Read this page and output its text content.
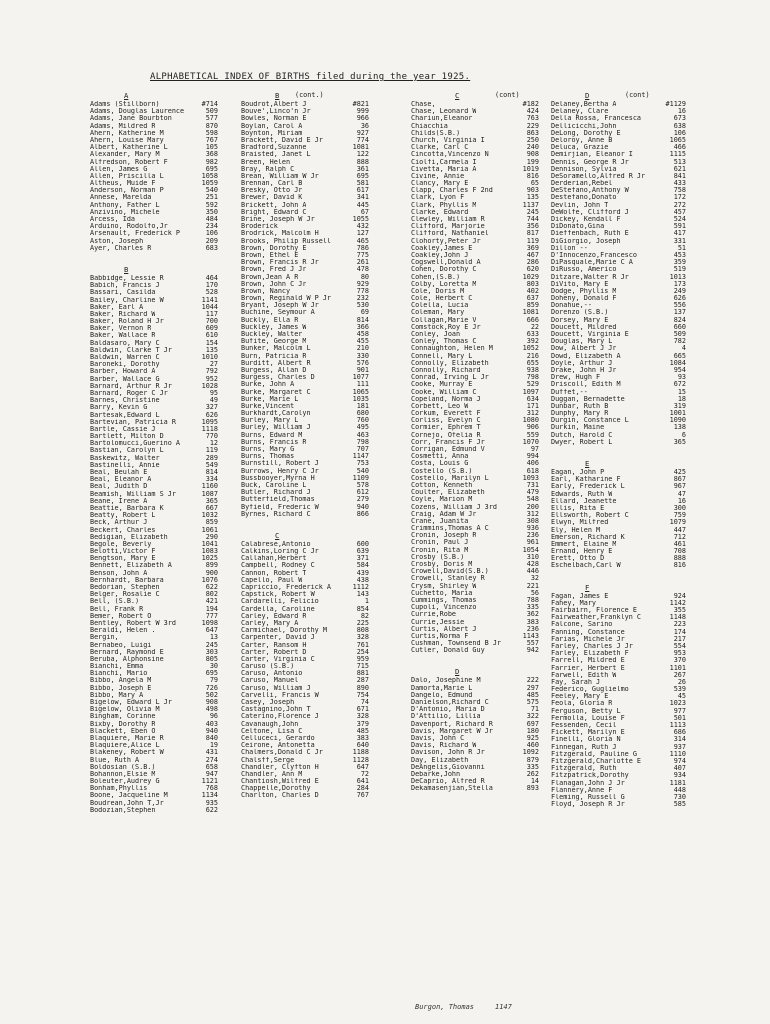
ALPHABETICAL INDEX OF BIRTHS filed during the year 1925.
A
Adams (Stillborn)	#714
Adams, Douglas Laurence	509
Adams, Jane Bourbton	577
Adams, Mildred R	870
Ahern, Katherine M	598
Ahern, Louise Mary	767
Albert, Katherine L	105
Alexander, Mary M	368
Alfredson, Robert F	982
Allen, James G	695
Allen, Priscilla L	1058
Altheus, Muide F	1059
Anderson, Norman P	540
Annese, Marelda	251
Anthony, Father L	592
Anzivino, Michele	350
Arcess, Ida	484
Arduino, Rodolfo,Jr	234
Arsenault, Frederick P	106
Aston, Joseph	209
Ayer, Charles R	683
B
Babbidge, Lessie R	464
Babich, Francis J	170
Bassari, Casilda	528
Bailey, Charline W	1141
Baker, Earl A	1044
Baker, Richard W	117
Baker, Roland H Jr	700
Baker, Vernon R	609
Baker, Wallace R	610
Baldasaro, Mary C	154
Baldwin, Clarke T Jr	135
Baldwin, Warren C	1010
Baroneki, Dorothy	27
Barber, Howard A	792
Barber, Wallace G	952
Barnard, Arthur R Jr	1028
Barnard, Roger C Jr	95
Barnes, Christine	49
Barry, Kevin G	327
Bartesak,Edward L	626
Bartevian, Patricia R	1095
Bartle, Cassie J	1118
Bartlett, Milton D	770
Bartolomucci,Guerino A	12
Bastian, Carolyn L	119
Baskewitz, Walter	289
Bastinelli, Annie	549
Beal, Beulah E	814
Beal, Eleanor A	334
Beal, Judith D	1160
Beamish, William S Jr	1087
Beane, Irene A	365
Beattie, Barbara K	667
Beatty, Robert L	1032
Beck, Arthur J	859
Beckert, Charles	1061
Bedigian, Elizabeth	290
Begole, Beverly	1041
Belotti,Victor F	1083
Bengtson, Mary E	1025
Bennett, Elizabeth A	899
Benson, John A	900
Bernhardt, Barbara	1076
Bedorian, Stephen	622
Belger, Rosalie C	802
Bell, (S.B.)	421
Bell, Frank R	194
Bemer, Robert O	777
Bentley, Robert W 3rd	1098
Beraldi, Helen .	647
Bergin,	13
Bernabeo, Luigi	245
Bernard, Raymond E	303
Beruba, Alphonsine	805
Bianchi, Emma	30
Bianchi, Mario	695
Bibbo, Angela M	79
Bibbo, Joseph E	726
Bibbo, Mary A	502
Bigelow, Edward L Jr	908
Bigelow, Olivia M	498
Bingham, Corinne	96
Bixby, Dorothy R	403
Blackett, Eben O	940
Blaquiere, Marie R	840
Blaquiere,Alice L	19
Blakeney, Robert W	431
Blue, Ruth A	274
Boldosian (S.B.)	658
Bohannon,Elsie M	947
Boleuter,Audrey G	1121
Bonham,Phyllis	768
Boone, Jacqueline M	1134
Boudrean,John T,Jr	935
Bodozian,Stephen	622
B (cont.)
Boudrot,Albert J	#821
Bouve',Linco'n Jr	999
Bowles, Norman E	966
Boylan, Carol A	36
Boynton, Miriam	927
Brackett, David E Jr	774
Bradford,Suzanne	1081
Braisted, Janet L	122
Breen, Helen	888
Bray, Ralph C	361
Brean, William W Jr	695
Brennan, Carl B	581
Bresky, Otto Jr	617
Brewer, David K	341
Brickett, John A	445
Bright, Edward C	67
Brine, Joseph W Jr	1055
Broderick	432
Brodrick, Malcolm H	127
Brooks, Philip Russell	465
Brown, Dorothy E	786
Brown, Ethel E	775
Brown, Francis R Jr	261
Brown, Fred J Jr	478
Brown,Jean A R	80
Brown, John C Jr	929
Brown, Nancy	778
Brown, Reginald W P Jr	232
Bryant, Joseph W Jr	530
Buchine, Seymour A	69
Buckly, Ella R	814
Buckley, James W	366
Buckley, Walter	458
Bufite, George M	455
Bunker, Malcolm L	210
Burn, Patricia R	330
Burditt, Albert R	576
Burgess, Allan D	901
Burgess, Charles D	1077
Burke, John A	111
Burke, Margaret C	1065
Burke, Marie L	1035
Burke,Vincent	181
Burkhardt,Carolyn	680
Burley, Mary L	760
Burley, William J	495
Burns, Edward M	463
Burns, Francis R	798
Burns, Mary G	707
Burns, Thomas	1147
Burnstill, Robert J	753
Burrows, Henry C Jr	540
Bussbooyer,Myrna H	1109
Buck, Caroline L	578
Butler, Richard J	612
Butterfield,Thomas	279
Byfield, Frederic W	940
Byrnes, Richard C	866
C
Calabrese,Antonio	600
Calkins,Loring C Jr	639
Callahan,Herbert	371
Campbell, Rodney C	584
Cannon, Robert T	439
Capello, Paul W	438
Capriccio, Frederick A	1112
Capstick, Robert W	143
Cardarelli, Felicio	1
Cardella, Caroline	854
Carley, Edward R	82
Carley, Mary A	225
Carmichael, Dorothy M	808
Carpenter, David J	328
Carter, Ransom H	761
Carter, Robert D	254
Carter, Virginia C	959
Caruso (S.B.)	715
Caruso, Antonio	881
Caruso, Manuel	287
Caruso, William J	890
Carvelli, Francis W	754
Casey, Joseph	74
Castagnino,John T	671
Caterino,Florence J	328
Cavanaugh,John	379
Celtone, Lisa C	485
Celluceci, Gerardo	383
Ceirone, Antonetta	640
Chalmers,Donald C Jr	1188
Chalsff,Serge	1128
Chandler, Clyfton H	647
Chandler, Ann M	72
Chantiosh,Wilfred E	641
Chappelle,Dorothy	284
Charlton, Charles D	767
C	(cont)
Chase,	#182
Chase, Leonard W	424
Chariun,Eleanor	763
Chiacchia	229
Childs(S.B.)	863
Church, Virginia I	250
Clarke, Carl C	240
Cincotta,Vincenzo N	908
Ciolfi,Carmela I	199
Civetta, Maria A	1019
Civine, Annie	816
Clancy, Mary E	65
Clapp, Charles F 2nd	903
Clark, Lyon F	135
Clark, Phyllis M	1137
Clarke, Edward	245
Clewley, William R	744
Clifford, Marjorie	356
Clifford, Nathaniel	817
Clohorty,Peter Jr	119
Coakley,James E	369
Coakley,John J	467
Cogswell,Donald A	286
Cohen, Dorothy C	620
Cohen,(S.B.)	1029
Colby, Loretta M	803
Cole, Doris M	402
Cole, Herbert C	637
Colella, Lucia	859
Coleman, Mary	1081
Collagan,Marie V	666
Comstock,Roy E Jr	22
Conley, Joan	633
Conley, Thomas C	392
Connaughton, Helen M	1052
Connell, Mary L	216
Connolly, Elizabeth	655
Connolly, Richard	938
Conrad, Irving L Jr	798
Cooke, Murray E	529
Cooke, William C	1097
Copeland, Norma J	634
Corbett, Leo W	171
Corkum, Everett F	312
Corliss, Evelyn C	1080
Cormier, Ephrem T	906
Cornejo, Ofelia R	559
Corr, Francis F Jr	1070
Corrigan, Edmund V	97
Cosmetti, Anna	994
Costa, Louis G	406
Costello (S.B.)	618
Costello, Marilyn L	1093
Cotton, Kenneth	731
Coulter, Elizabeth	479
Coyle, Marion M	548
Cozens, William J 3rd	200
Craig, Adam W Jr	312
Crane, Juanita	308
Crimmins,Thomas A C	936
Cronin, Joseph R	236
Cronin, Paul J	961
Cronin, Rita M	1054
Crosby (S.B.)	310
Crosby, Doris M	428
Crowell,David(S.B.)	446
Crowell, Stanley R	32
Crysm, Shirley W	221
Cuchetto, Maria	56
Cummings, Thomas	788
Cupoli, Vincenzo	335
Currie,Robe	362
Currie,Jessie	383
Curtis, Albert J	236
Curtis,Norma F	1143
Cushman, Townsend B Jr	557
Cutler, Donald Guy	942
D
Dalo, Josephine M	222
Damorta,Marie L	297
Dangelo, Edmund	485
Danielson,Richard C	575
D'Antonio, Maria D	71
D'Attilio, Lillia	322
Davenport, Richard R	697
Davis, Margaret W Jr	180
Davis, John C	925
Davis, Richard W	460
Davison, John R Jr	1092
Day, Elizabeth	879
DeAngelis,Giovanni	335
Debarke,John	262
DeCaprio, Alfred R	14
Dekamasenjian,Stella	893
D	(cont)
Delaney,Bertha A	#1129
Delaney, Clare	16
Della Rossa, Francesca	673
Dellicicchi,John	638
DeLong, Dorothy E	106
Deloroy, Anne B	1065
Deluca, Grazie	466
Demirjian, Eleanor I	1115
Dennis, George R Jr	513
Dennison, Sylvia	621
DeSoramello,Alfred R Jr	841
Derderian,Rebel	433
DeStefano,Anthony W	758
Destefano,Donato	172
Devlin, John T	272
DeWolfe, Clifford J	457
Dickey, Kendall F	524
DiDonato,Gina	591
Dieffenbach, Ruth E	417
DiGiorgio, Joseph	331
Dillon --	51
D'Innocenzo,Francesco	453
DiPasquale,Marie C A	359
DiRusso, Americo	519
Ditzare,Walter R Jr	1013
DiVito, Mary E	173
Dodge, Phyllis M	249
Doheny, Donald F	626
Donahue,--	556
Dorenzo (S.B.)	137
Dorsey, Mary E	824
Doucett, Mildred	660
Doucett, Virginia E	509
Douglas, Mary L	782
Dow, Albert J Jr	4
Dowd, Elizabeth A	665
Doyle, Arthur J	1084
Drake, John H Jr	954
Drew, Hugh F	93
Driscoll, Edith M	672
Duffet,--	15
Duggan, Bernadette	18
Dunbar, Ruth B	319
Dunphy, Mary R	1001
Durgin, Constance L	1090
Durkin, Maine	138
Dutch, Harold C	6
Dwyer, Robert L	365
E
Eagan, John P	425
Earl, Katharine F	867
Early, Frederick L	967
Edwards, Ruth W	47
Ellard, Jeanette	16
Ellis, Rita E	300
Ellsworth, Robert C	759
Elwyn, Milfred	1079
Ely, Helen M	447
Emerson, Richard K	712
Emmert, Elaine M	461
Ernand, Henry E	708
Erett, Otto D	888
Eschelbach,Carl W	816
F
Fagan, James E	924
Fahey, Mary	1142
Fairbairn, Florence E	355
Fairweather,Franklyn C	1148
Falcone, Sarino	223
Fanning, Constance	174
Farias, Michele Jr	217
Farley, Charles J Jr	554
Farley, Elizabeth F	953
Farrell, Mildred E	370
Farrier, Herbert E	1101
Farwell, Edith W	267
Fay, Sarah J	26
Federico, Guglielmo	539
Feeley, Mary E	45
Feola, Gloria R	1023
Ferguson, Betty L	977
Fermolla, Louise F	501
Fessenden, Cecil	1113
Fickett, Marilyn E	686
Finelli, Gloria N	314
Finnegan, Ruth J	937
Fitzgerald, Pauline G	1110
Fitzgerald,Charlotte E	974
Fitzgerald, Ruth	407
Fitzpatrick,Dorothy	934
Flanagan,John J Jr	1181
Flannery,Anne F	448
Fleming, Russell G	730
Floyd, Joseph R Jr	585
Burgon, Thomas	1147
